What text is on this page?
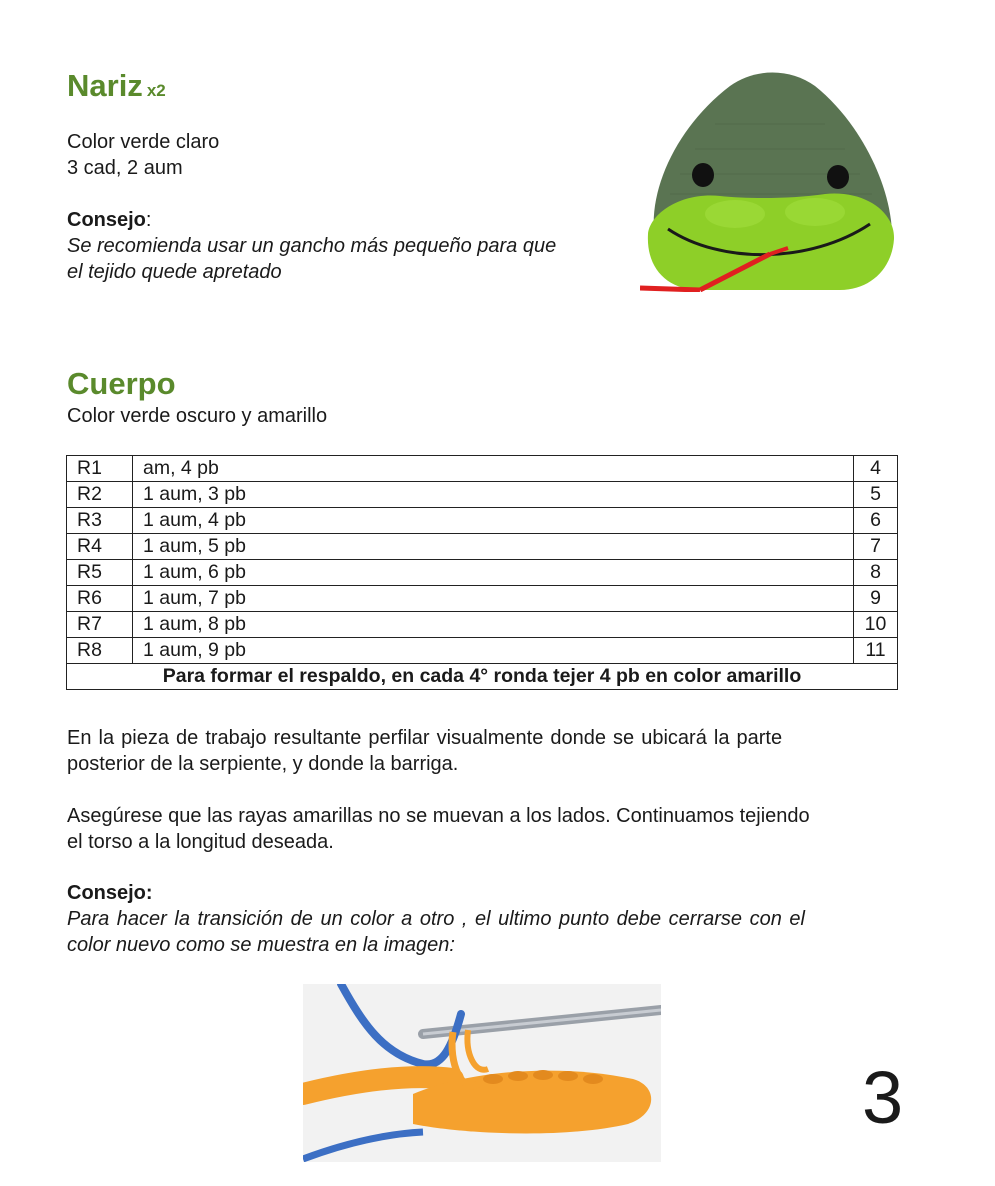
Nariz x2
Color verde claro
3 cad, 2 aum
Consejo:
Se recomienda usar un gancho más pequeño para que
el tejido quede apretado
Cuerpo
Color verde oscuro y amarillo
R1	am, 4 pb	4
R2	1 aum, 3 pb	5
R3	1 aum, 4 pb	6
R4	1 aum, 5 pb	7
R5	1 aum, 6 pb	8
R6	1 aum, 7 pb	9
R7	1 aum, 8 pb	10
R8	1 aum, 9 pb	11
Para formar el respaldo, en cada 4° ronda tejer 4 pb en color amarillo		
En la pieza de trabajo resultante perfilar visualmente donde se ubicará la parte
posterior de la serpiente, y donde la barriga.
Asegúrese que las rayas amarillas no se muevan a los lados. Continuamos tejiendo
el torso a la longitud deseada.
Consejo:
Para hacer la transición de un color a otro , el ultimo punto debe cerrarse con el
color nuevo como se muestra en la imagen:
3
